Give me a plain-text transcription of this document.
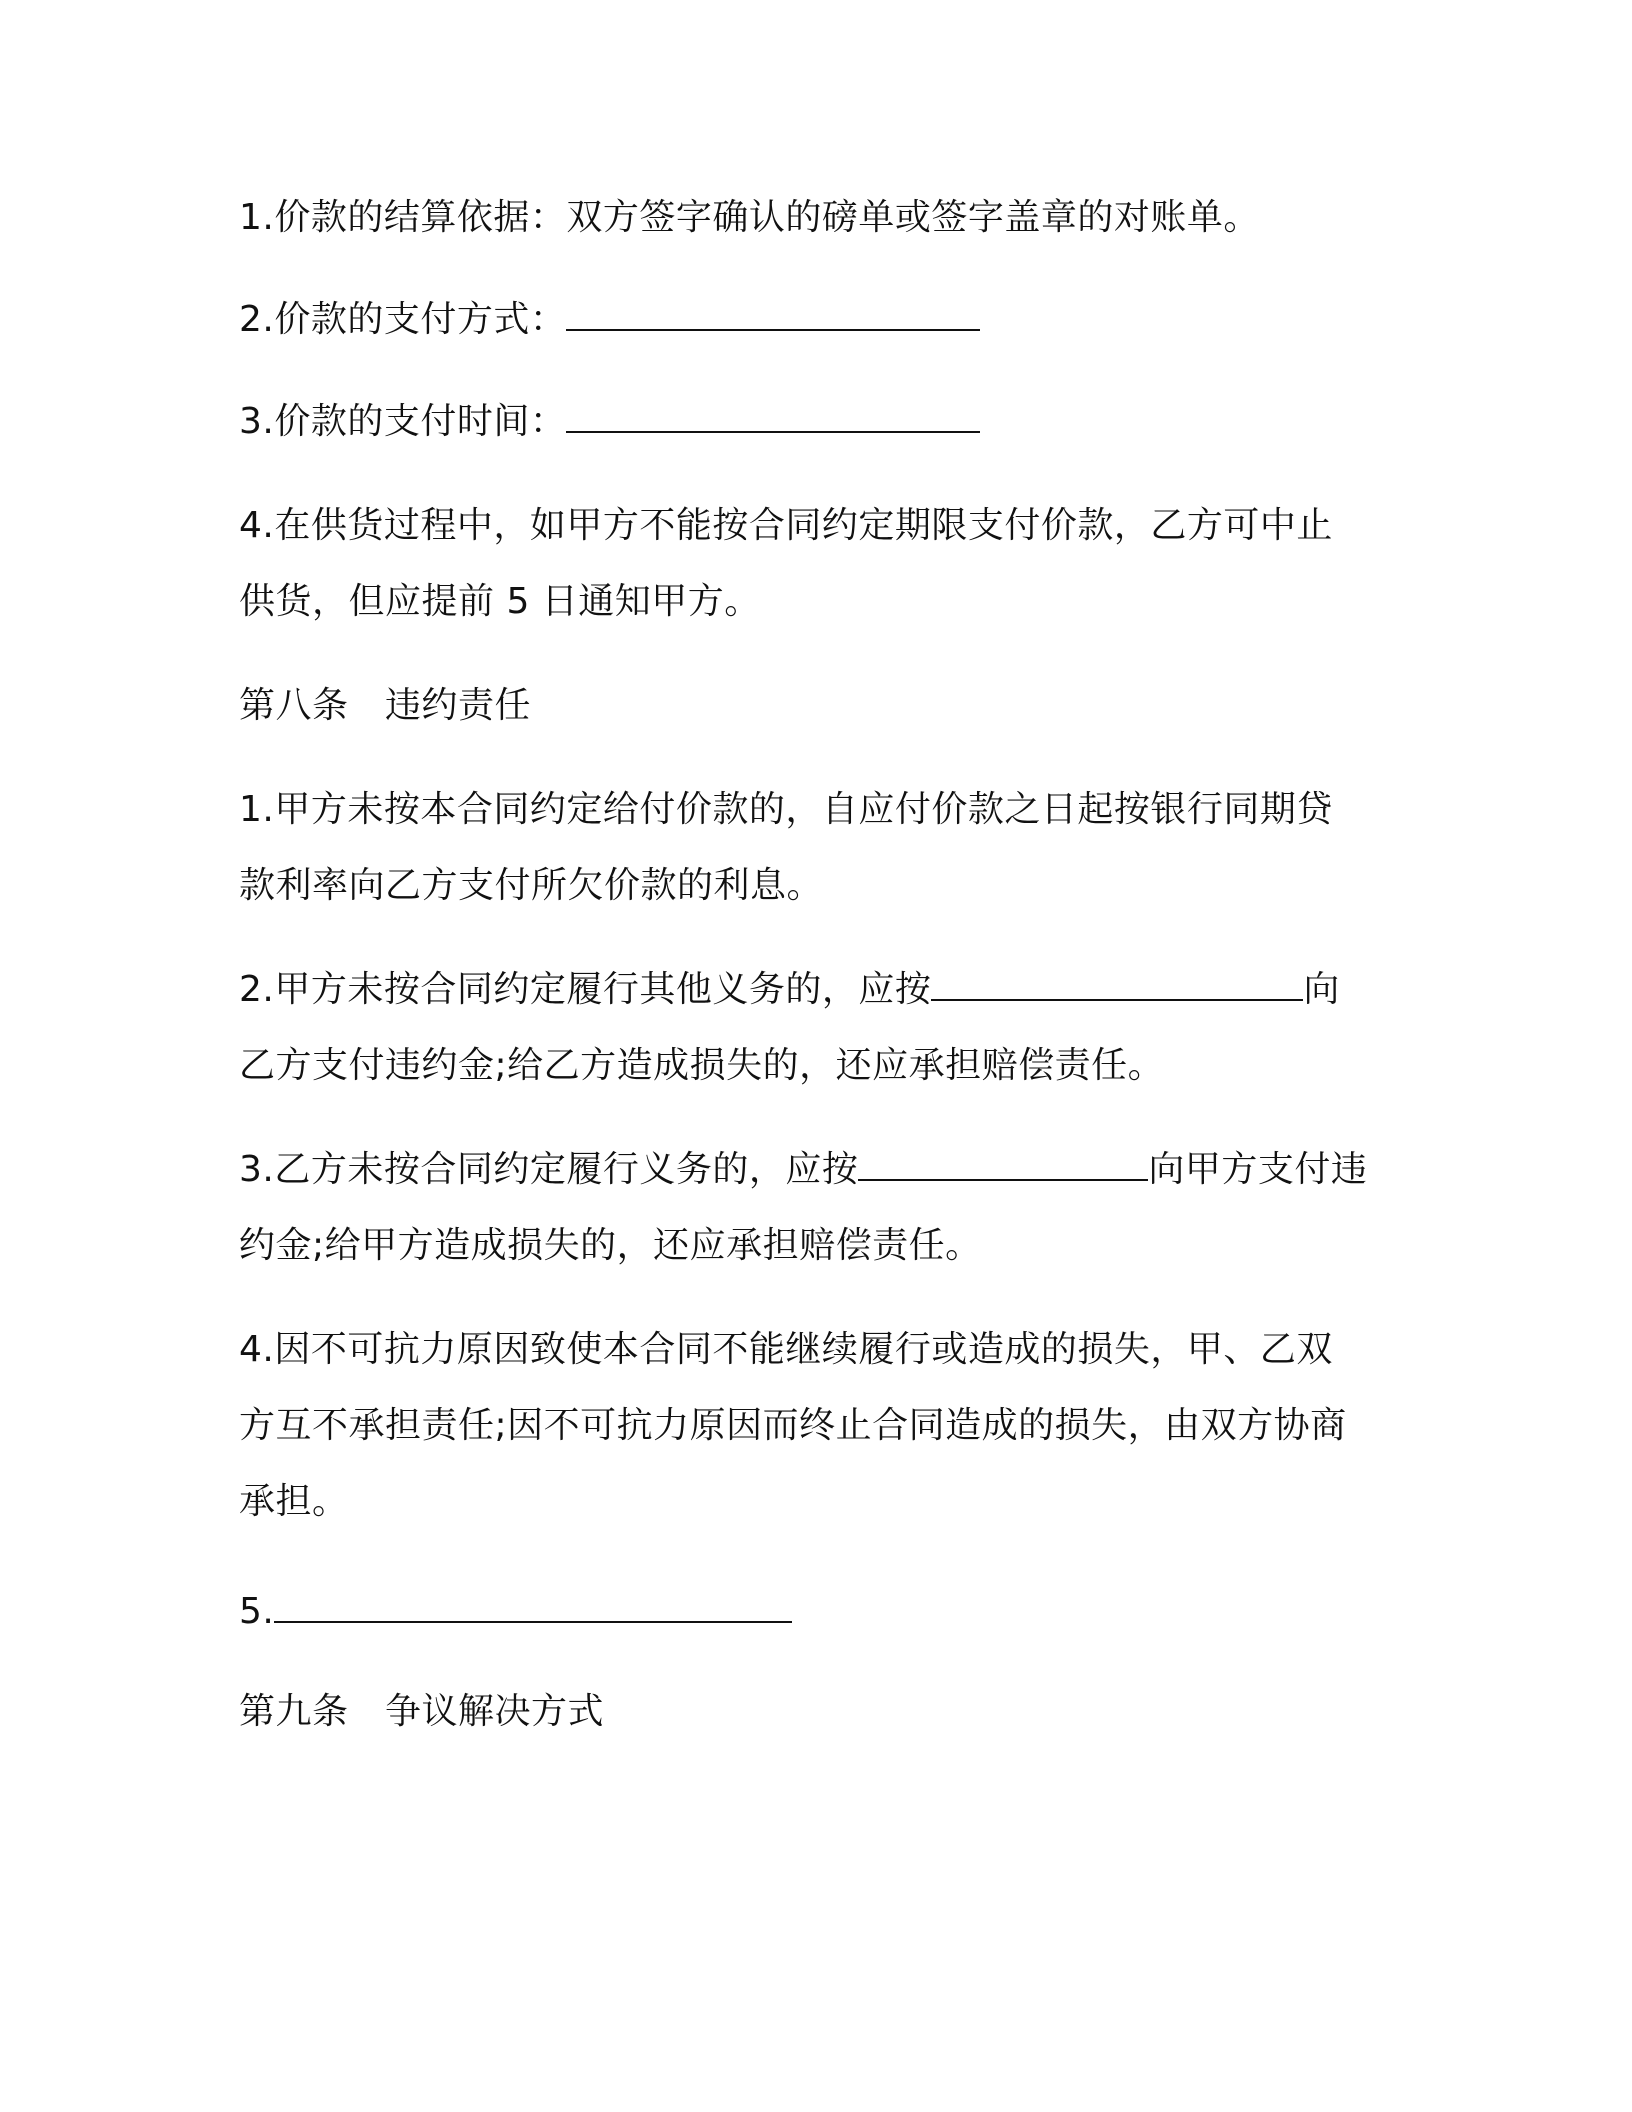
1.价款的结算依据：双方签字确认的磅单或签字盖章的对账单。
2.价款的支付方式：
3.价款的支付时间：
4.在供货过程中，如甲方不能按合同约定期限支付价款，乙方可中止
供货，但应提前 5 日通知甲方。
第八条　违约责任
1.甲方未按本合同约定给付价款的，自应付价款之日起按银行同期贷
款利率向乙方支付所欠价款的利息。
2.甲方未按合同约定履行其他义务的，应按	向
乙方支付违约金;给乙方造成损失的，还应承担赔偿责任。
3.乙方未按合同约定履行义务的，应按	向甲方支付违
约金;给甲方造成损失的，还应承担赔偿责任。
4.因不可抗力原因致使本合同不能继续履行或造成的损失，甲、乙双
方互不承担责任;因不可抗力原因而终止合同造成的损失，由双方协商
承担。
5.
第九条　争议解决方式
